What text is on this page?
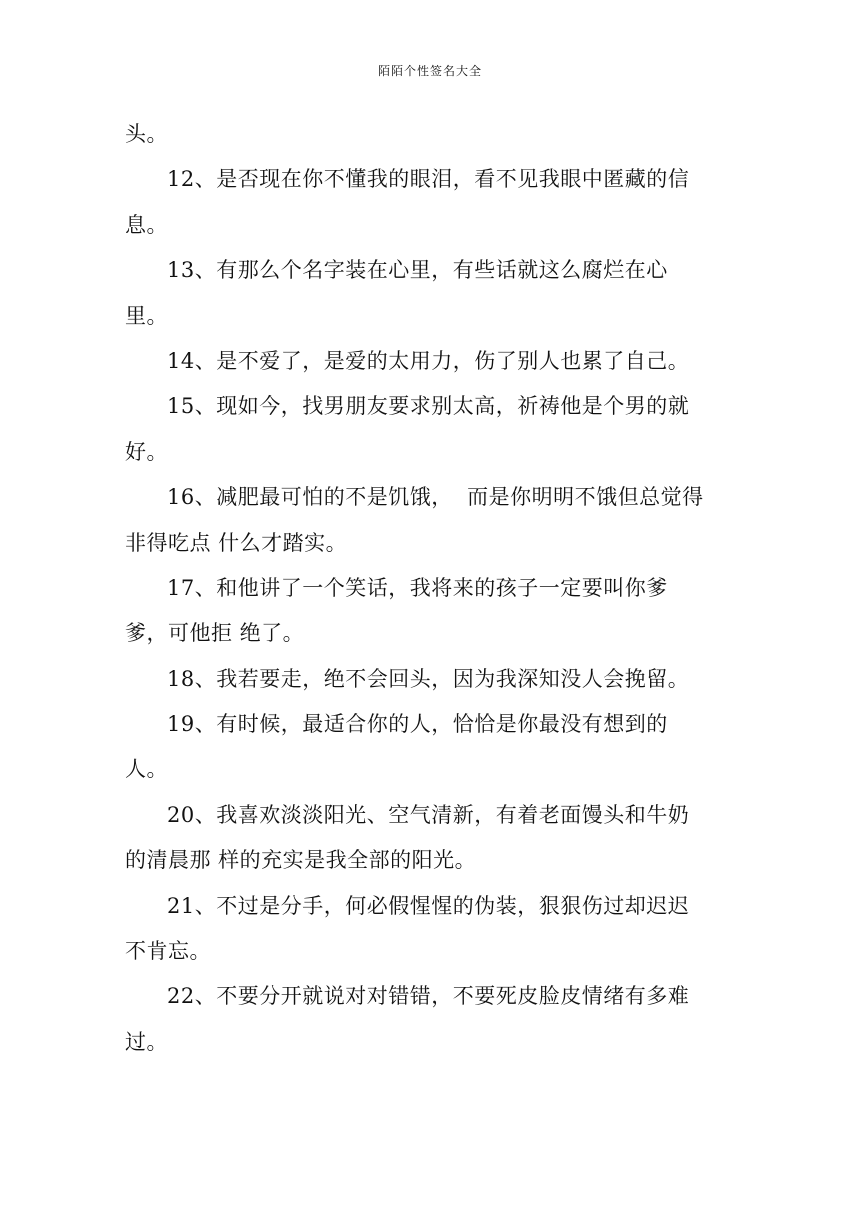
陌陌个性签名大全
头。
12、是否现在你不懂我的眼泪，看不见我眼中匿藏的信
息。
13、有那么个名字装在心里，有些话就这么腐烂在心
里。
14、是不爱了，是爱的太用力，伤了别人也累了自己。
15、现如今，找男朋友要求别太高，祈祷他是个男的就
好。
16、减肥最可怕的不是饥饿，  而是你明明不饿但总觉得
非得吃点 什么才踏实。
17、和他讲了一个笑话，我将来的孩子一定要叫你爹
爹，可他拒 绝了。
18、我若要走，绝不会回头，因为我深知没人会挽留。
19、有时候，最适合你的人，恰恰是你最没有想到的
人。
20、我喜欢淡淡阳光、空气清新，有着老面馒头和牛奶
的清晨那 样的充实是我全部的阳光。
21、不过是分手，何必假惺惺的伪装，狠狠伤过却迟迟
不肯忘。
22、不要分开就说对对错错，不要死皮脸皮情绪有多难
过。
